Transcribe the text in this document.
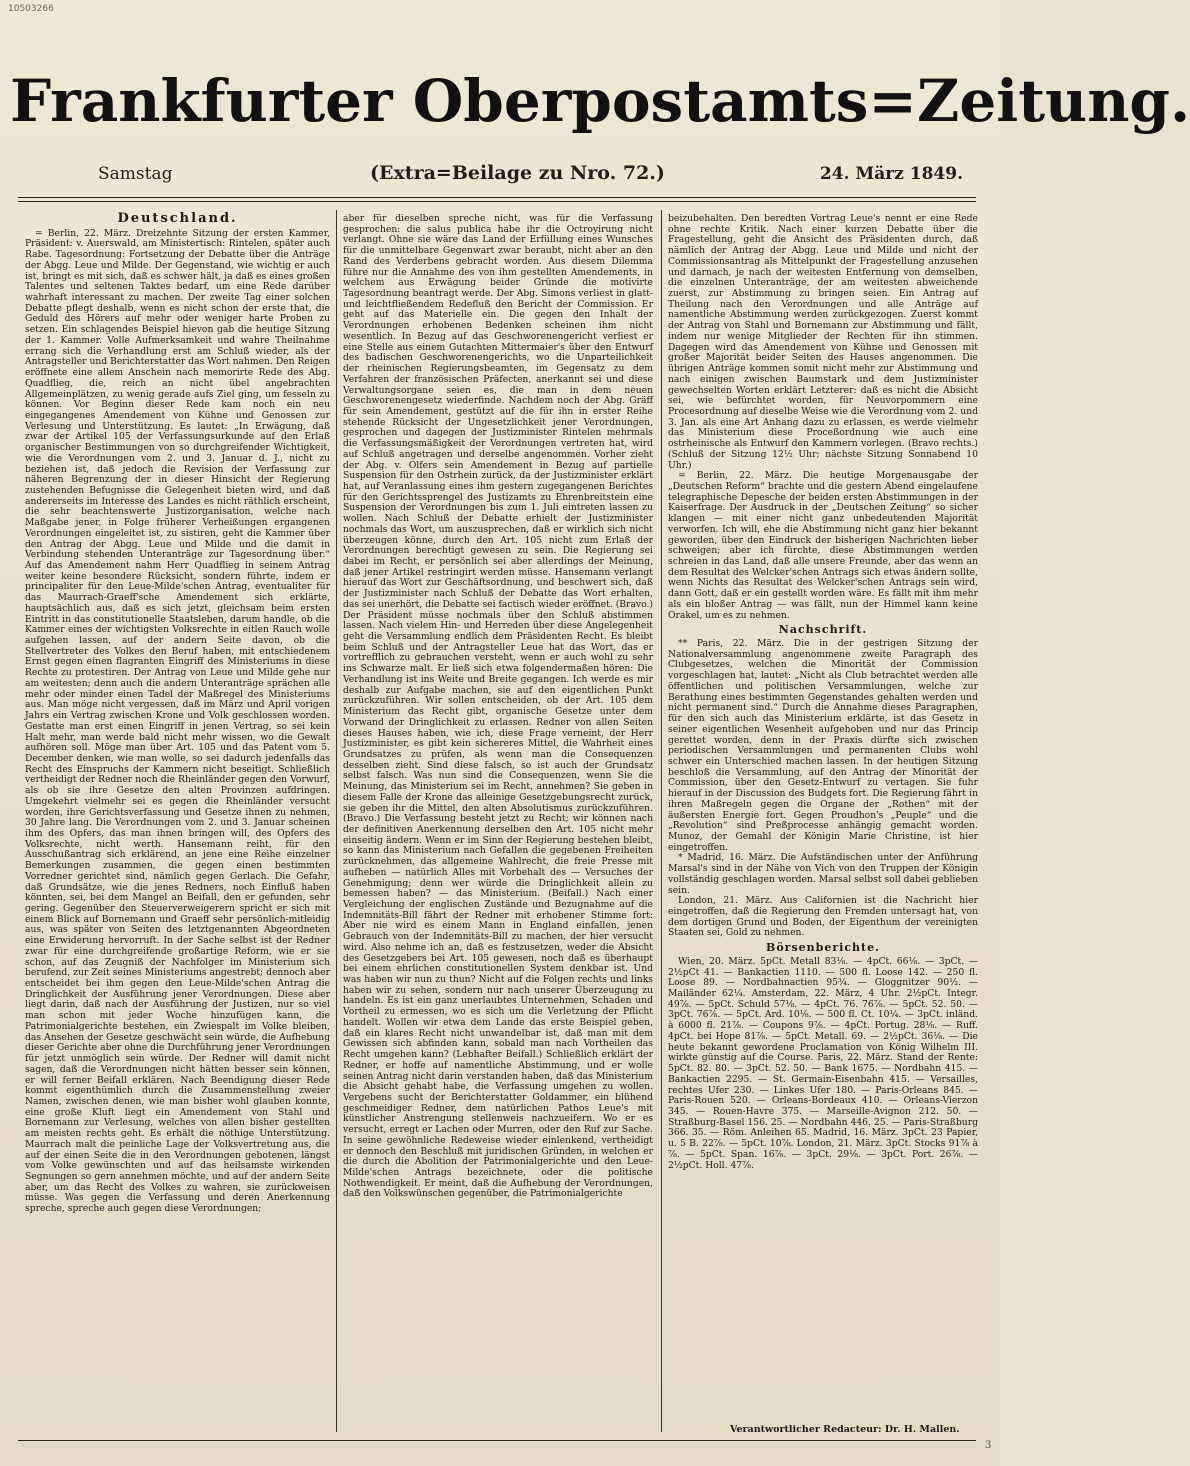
10503266
Frankfurter Oberpostamts=Zeitung.
Samstag	(Extra=Beilage zu Nro. 72.)	24. März 1849.
Deutschland.

= Berlin, 22. März. Dreizehnte Sitzung der ersten Kammer, Präsident: v. Auerswald, am Ministertisch: Rintelen, später auch Rabe. Tagesordnung: Fortsetzung der Debatte über die Anträge der Abgg. Leue und Milde. Der Gegenstand, wie wichtig er auch ist, bringt es mit sich, daß es schwer hält, ja daß es eines großen Talentes und seltenen Taktes bedarf, um eine Rede darüber wahrhaft interessant zu machen. Der zweite Tag einer solchen Debatte pflegt deshalb, wenn es nicht schon der erste that, die Geduld des Hörers auf mehr oder weniger harte Proben zu setzen. Ein schlagendes Beispiel hievon gab die heutige Sitzung der 1. Kammer. Volle Aufmerksamkeit und wahre Theilnahme errang sich die Verhandlung erst am Schluß wieder, als der Antragsteller und Berichterstatter das Wort nahmen. Den Reigen eröffnete eine allem Anschein nach memorirte Rede des Abg. Quadflieg, die, reich an nicht übel angebrachten Allgemeinplätzen, zu wenig gerade aufs Ziel ging, um fesseln zu können. Vor Beginn dieser Rede kam noch ein neu eingegangenes Amendement von Kühne und Genossen zur Verlesung und Unterstützung. Es lautet: „In Erwägung, daß zwar der Artikel 105 der Verfassungsurkunde auf den Erlaß organischer Bestimmungen von so durchgreifender Wichtigkeit, wie die Verordnungen vom 2. und 3. Januar d. J., nicht zu beziehen ist, daß jedoch die Revision der Verfassung zur näheren Begrenzung der in dieser Hinsicht der Regierung zustehenden Befugnisse die Gelegenheit bieten wird, und daß andererseits im Interesse des Landes es nicht räthlich erscheint, die sehr beachtenswerte Justizorganisation, welche nach Maßgabe jener, in Folge früherer Verheißungen ergangenen Verordnungen eingeleitet ist, zu sistiren, geht die Kammer über den Antrag der Abgg. Leue und Milde und die damit in Verbindung stehenden Unteranträge zur Tagesordnung über.“ Auf das Amendement nahm Herr Quadflieg in seinem Antrag weiter keine besondere Rücksicht, sondern führte, indem er principaliter für den Leue-Milde'schen Antrag, eventualiter für das Maurrach-Graeff'sche Amendement sich erklärte, hauptsächlich aus, daß es sich jetzt, gleichsam beim ersten Eintritt in das constitutionelle Staatsleben, darum handle, ob die Kammer eines der wichtigsten Volksrechte in eitlen Rauch wolle aufgehen lassen, auf der andern Seite davon, ob die Stellvertreter des Volkes den Beruf haben, mit entschiedenem Ernst gegen einen flagranten Eingriff des Ministeriums in diese Rechte zu protestiren. Der Antrag von Leue und Milde gehe nur am weitesten; denn auch die andern Unteranträge sprächen alle mehr oder minder einen Tadel der Maßregel des Ministeriums aus. Man möge nicht vergessen, daß im März und April vorigen Jahrs ein Vertrag zwischen Krone und Volk geschlossen worden. Gestatte man erst einen Eingriff in jenen Vertrag, so sei kein Halt mehr, man werde bald nicht mehr wissen, wo die Gewalt aufhören soll. Möge man über Art. 105 und das Patent vom 5. December denken, wie man wolle, so sei dadurch jedenfalls das Recht des Einspruchs der Kammern nicht beseitigt. Schließlich vertheidigt der Redner noch die Rheinländer gegen den Vorwurf, als ob sie ihre Gesetze den alten Provinzen aufdringen. Umgekehrt vielmehr sei es gegen die Rheinländer versucht worden, ihre Gerichtsverfassung und Gesetze ihnen zu nehmen, 30 Jahre lang. Die Verordnungen vom 2. und 3. Januar scheinen ihm des Opfers, das man ihnen bringen will, des Opfers des Volksrechte, nicht werth. Hansemann reiht, für den Ausschußantrag sich erklärend, an jene eine Reihe einzelner Bemerkungen zusammen, die gegen einen bestimmten Vorredner gerichtet sind, nämlich gegen Gerlach. Die Gefahr, daß Grundsätze, wie die jenes Redners, noch Einfluß haben könnten, sei, bei dem Mangel an Beifall, den er gefunden, sehr gering. Gegenüber den Steuerverweigerern spricht er sich mit einem Blick auf Bornemann und Graeff sehr persönlich-mitleidig aus, was später von Seiten des letztgenannten Abgeordneten eine Erwiderung hervorruft. In der Sache selbst ist der Redner zwar für eine durchgreifende großartige Reform, wie er sie schon, auf das Zeugniß der Nachfolger im Ministerium sich berufend, zur Zeit seines Ministeriums angestrebt; dennoch aber entscheidet bei ihm gegen den Leue-Milde'schen Antrag die Dringlichkeit der Ausführung jener Verordnungen. Diese aber liegt darin, daß nach der Ausführung der Justizen, nur so viel man schon mit jeder Woche hinzufügen kann, die Patrimonialgerichte bestehen, ein Zwiespalt im Volke bleiben, das Ansehen der Gesetze geschwächt sein würde, die Aufhebung dieser Gerichte aber ohne die Durchführung jener Verordnungen für jetzt unmöglich sein würde. Der Redner will damit nicht sagen, daß die Verordnungen nicht hätten besser sein können, er will ferner Beifall erklären. Nach Beendigung dieser Rede kommt eigenthümlich durch die Zusammenstellung zweier Namen, zwischen denen, wie man bisher wohl glauben konnte, eine große Kluft liegt ein Amendement von Stahl und Bornemann zur Verlesung, welches von allen bisher gestellten am meisten rechts geht. Es erhält die nöthige Unterstützung. Maurrach malt die peinliche Lage der Volksvertretung aus, die auf der einen Seite die in den Verordnungen gebotenen, längst vom Volke gewünschten und auf das heilsamste wirkenden Segnungen so gern annehmen möchte, und auf der andern Seite aber, um das Recht des Volkes zu wahren, sie zurückweisen müsse. Was gegen die Verfassung und deren Anerkennung spreche, spreche auch gegen diese Verordnungen;

aber für dieselben spreche nicht, was für die Verfassung gesprochen: die salus publica habe ihr die Octroyirung nicht verlangt. Ohne sie wäre das Land der Erfüllung eines Wunsches für die unmittelbare Gegenwart zwar beraubt, nicht aber an den Rand des Verderbens gebracht worden. Aus diesem Dilemma führe nur die Annahme des von ihm gestellten Amendements, in welchem aus Erwägung beider Gründe die motivirte Tagesordnung beantragt werde. Der Abg. Simons verliest in glatt- und leichtfließendem Redefluß den Bericht der Commission. Er geht auf das Materielle ein. Die gegen den Inhalt der Verordnungen erhobenen Bedenken scheinen ihm nicht wesentlich. In Bezug auf das Geschworenengericht verliest er eine Stelle aus einem Gutachten Mittermaier's über den Entwurf des badischen Geschworenengerichts, wo die Unparteilichkeit der rheinischen Regierungsbeamten, im Gegensatz zu dem Verfahren der französischen Präfecten, anerkannt sei und diese Verwaltungsorgane seien es, die man in dem neuen Geschworenengesetz wiederfinde. Nachdem noch der Abg. Gräff für sein Amendement, gestützt auf die für ihn in erster Reihe stehende Rücksicht der Ungesetzlichkeit jener Verordnungen, gesprochen und dagegen der Justizminister Rintelen mehrmals die Verfassungsmäßigkeit der Verordnungen vertreten hat, wird auf Schluß angetragen und derselbe angenommen. Vorher zieht der Abg. v. Olfers sein Amendement in Bezug auf partielle Suspension für den Ostrhein zurück, da der Justizminister erklärt hat, auf Veranlassung eines ihm gestern zugegangenen Berichtes für den Gerichtssprengel des Justizamts zu Ehrenbreitstein eine Suspension der Verordnungen bis zum 1. Juli eintreten lassen zu wollen. Nach Schluß der Debatte erhielt der Justizminister nochmals das Wort, um auszusprechen, daß er wirklich sich nicht überzeugen könne, durch den Art. 105 nicht zum Erlaß der Verordnungen berechtigt gewesen zu sein. Die Regierung sei dabei im Recht, er persönlich sei aber allerdings der Meinung, daß jener Artikel restringirt werden müsse. Hansemann verlangt hierauf das Wort zur Geschäftsordnung, und beschwert sich, daß der Justizminister nach Schluß der Debatte das Wort erhalten, das sei unerhört, die Debatte sei factisch wieder eröffnet. (Bravo.) Der Präsident müsse nochmals über den Schluß abstimmen lassen. Nach vielem Hin- und Herreden über diese Angelegenheit geht die Versammlung endlich dem Präsidenten Recht. Es bleibt beim Schluß und der Antragsteller Leue hat das Wort, das er vortrefflich zu gebrauchen versteht, wenn er auch wohl zu sehr ins Schwarze malt. Er ließ sich etwa folgendermaßen hören: Die Verhandlung ist ins Weite und Breite gegangen. Ich werde es mir deshalb zur Aufgabe machen, sie auf den eigentlichen Punkt zurückzuführen. Wir sollen entscheiden, ob der Art. 105 dem Ministerium das Recht gibt, organische Gesetze unter dem Vorwand der Dringlichkeit zu erlassen. Redner von allen Seiten dieses Hauses haben, wie ich, diese Frage verneint, der Herr Justizminister, es gibt kein sichereres Mittel, die Wahrheit eines Grundsatzes zu prüfen, als wenn man die Consequenzen desselben zieht. Sind diese falsch, so ist auch der Grundsatz selbst falsch. Was nun sind die Consequenzen, wenn Sie die Meinung, das Ministerium sei im Recht, annehmen? Sie geben in diesem Falle der Krone das alleinige Gesetzgebungsrecht zurück, sie geben ihr die Mittel, den alten Absolutismus zurückzuführen. (Bravo.) Die Verfassung besteht jetzt zu Recht; wir können nach der definitiven Anerkennung derselben den Art. 105 nicht mehr einseitig ändern. Wenn er im Sinn der Regierung bestehen bleibt, so kann das Ministerium nach Gefallen die gegebenen Freiheiten zurücknehmen, das allgemeine Wahlrecht, die freie Presse mit aufheben — natürlich Alles mit Vorbehalt des — Versuches der Genehmigung; denn wer würde die Dringlichkeit allein zu bemessen haben? — das Ministerium. (Beifall.) Nach einer Vergleichung der englischen Zustände und Bezugnahme auf die Indemnitäts-Bill fährt der Redner mit erhobener Stimme fort: Aber nie wird es einem Mann in England einfallen, jenen Gebrauch von der Indemnitäts-Bill zu machen, der hier versucht wird. Also nehme ich an, daß es festzusetzen, weder die Absicht des Gesetzgebers bei Art. 105 gewesen, noch daß es überhaupt bei einem ehrlichen constitutionellen System denkbar ist. Und was haben wir nun zu thun? Nicht auf die Folgen rechts und links haben wir zu sehen, sondern nur nach unserer Überzeugung zu handeln. Es ist ein ganz unerlaubtes Unternehmen, Schaden und Vortheil zu ermessen, wo es sich um die Verletzung der Pflicht handelt. Wollen wir etwa dem Lande das erste Beispiel geben, daß ein klares Recht nicht unwandelbar ist, daß man mit dem Gewissen sich abfinden kann, sobald man nach Vortheilen das Recht umgehen kann? (Lebhafter Beifall.) Schließlich erklärt der Redner, er hoffe auf namentliche Abstimmung, und er wolle seinen Antrag nicht darin verstanden haben, daß das Ministerium die Absicht gehabt habe, die Verfassung umgehen zu wollen. Vergebens sucht der Berichterstatter Goldammer, ein blühend geschmeidiger Redner, dem natürlichen Pathos Leue's mit künstlicher Anstrengung stellenweis nachzueifern. Wo er es versucht, erregt er Lachen oder Murren, oder den Ruf zur Sache. In seine gewöhnliche Redeweise wieder einlenkend, vertheidigt er dennoch den Beschluß mit juridischen Gründen, in welchen er die durch die Abolition der Patrimonialgerichte und den Leue-Milde'schen Antrags bezeichnete, oder die politische Nothwendigkeit. Er meint, daß die Aufhebung der Verordnungen, daß den Volkswünschen gegenüber, die Patrimonialgerichte

beizubehalten. Den beredten Vortrag Leue's nennt er eine Rede ohne rechte Kritik. Nach einer kurzen Debatte über die Fragestellung, geht die Ansicht des Präsidenten durch, daß nämlich der Antrag der Abgg. Leue und Milde und nicht der Commissionsantrag als Mittelpunkt der Fragestellung anzusehen und darnach, je nach der weitesten Entfernung von demselben, die einzelnen Unteranträge, der am weitesten abweichende zuerst, zur Abstimmung zu bringen seien. Ein Antrag auf Theilung nach den Verordnungen und alle Anträge auf namentliche Abstimmung werden zurückgezogen. Zuerst kommt der Antrag von Stahl und Bornemann zur Abstimmung und fällt, indem nur wenige Mitglieder der Rechten für ihn stimmen. Dagegen wird das Amendement von Kühne und Genossen mit großer Majorität beider Seiten des Hauses angenommen. Die übrigen Anträge kommen somit nicht mehr zur Abstimmung und nach einigen zwischen Baumstark und dem Justizminister gewechselten Worten erklärt Letzterer: daß es nicht die Absicht sei, wie befürchtet worden, für Neuvorpommern eine Procesordnung auf dieselbe Weise wie die Verordnung vom 2. und 3. Jan. als eine Art Anhang dazu zu erlassen, es werde vielmehr das Ministerium diese Proceßordnung wie auch eine ostrheinische als Entwurf den Kammern vorlegen. (Bravo rechts.) (Schluß der Sitzung 12½ Uhr; nächste Sitzung Sonnabend 10 Uhr.)

= Berlin, 22. März. Die heutige Morgenausgabe der „Deutschen Reform“ brachte und die gestern Abend eingelaufene telegraphische Depesche der beiden ersten Abstimmungen in der Kaiserfrage. Der Ausdruck in der „Deutschen Zeitung“ so sicher klangen — mit einer nicht ganz unbedeutenden Majorität verworfen. Ich will, ehe die Abstimmung nicht ganz hier bekannt geworden, über den Eindruck der bisherigen Nachrichten lieber schweigen; aber ich fürchte, diese Abstimmungen werden schreien in das Land, daß alle unsere Freunde, aber das wenn an dem Resultat des Welcker'schen Antrags sich etwas ändern sollte, wenn Nichts das Resultat des Welcker'schen Antrags sein wird, dann Gott, daß er ein gestellt worden wäre. Es fällt mit ihm mehr als ein bloßer Antrag — was fällt, nun der Himmel kann keine Orakel, um es zu nehmen.

Nachschrift.

** Paris, 22. März. Die in der gestrigen Sitzung der Nationalversammlung angenommene zweite Paragraph des Clubgesetzes, welchen die Minorität der Commission vorgeschlagen hat, lautet: „Nicht als Club betrachtet werden alle öffentlichen und politischen Versammlungen, welche zur Berathung eines bestimmten Gegenstandes gehalten werden und nicht permanent sind.“ Durch die Annahme dieses Paragraphen, für den sich auch das Ministerium erklärte, ist das Gesetz in seiner eigentlichen Wesenheit aufgehoben und nur das Princip gerettet worden, denn in der Praxis dürfte sich zwischen periodischen Versammlungen und permanenten Clubs wohl schwer ein Unterschied machen lassen. In der heutigen Sitzung beschloß die Versammlung, auf den Antrag der Minorität der Commission, über den Gesetz-Entwurf zu vertagen. Sie fuhr hierauf in der Discussion des Budgets fort. Die Regierung fährt in ihren Maßregeln gegen die Organe der „Rothen“ mit der äußersten Energie fort. Gegen Proudhon's „Peuple“ und die „Revolution“ sind Preßprocesse anhängig gemacht worden. Munoz, der Gemahl der Königin Marie Christine, ist hier eingetroffen.

* Madrid, 16. März. Die Aufständischen unter der Anführung Marsal's sind in der Nähe von Vich von den Truppen der Königin vollständig geschlagen worden. Marsal selbst soll dabei geblieben sein.

London, 21. März. Aus Californien ist die Nachricht hier eingetroffen, daß die Regierung den Fremden untersagt hat, von dem dortigen Grund und Boden, der Eigenthum der vereinigten Staaten sei, Gold zu nehmen.

Börsenberichte.

Wien, 20. März. 5pCt. Metall 83⅛. — 4pCt. 66⅛. — 3pCt. — 2½pCt 41. — Bankactien 1110. — 500 fl. Loose 142. — 250 fl. Loose 89. — Nordbahnactien 95¾. — Gloggnitzer 90½. — Mailänder 62¼. Amsterdam, 22. März, 4 Uhr. 2½pCt. Integr. 49⅞. — 5pCt. Schuld 57⅛. — 4pCt. 76. 76⅞. — 5pCt. 52. 50. — 3pCt. 76⅞. — 5pCt. Ard. 10⅛. — 500 fl. Ct. 10¼. — 3pCt. inländ. à 6000 fl. 21⅞. — Coupons 9⅞. — 4pCt. Portug. 28⅛. — Ruff. 4pCt. bei Hope 81⅞. — 5pCt. Metall. 69. — 2½pCt. 36⅛. — Die heute bekannt gewordene Proclamation von König Wilhelm III. wirkte günstig auf die Course. Paris, 22. März. Stand der Rente: 5pCt. 82. 80. — 3pCt. 52. 50. — Bank 1675. — Nordbahn 415. — Bankactien 2295. — St. Germain-Eisenbahn 415. — Versailles, rechtes Ufer 230. — Linkes Ufer 180. — Paris-Orleans 845. — Paris-Rouen 520. — Orleans-Bordeaux 410. — Orleans-Vierzon 345. — Rouen-Havre 375. — Marseille-Avignon 212. 50. — Straßburg-Basel 156. 25. — Nordbahn 446. 25. — Paris-Straßburg 366. 35. — Röm. Anleihen 65. Madrid, 16. März. 3pCt. 23 Papier, u. 5 B. 22⅞. — 5pCt. 10⅞. London, 21. März. 3pCt. Stocks 91⅞ à ⅞. — 5pCt. Span. 16⅞. — 3pCt. 29⅛. — 3pCt. Port. 26⅞. — 2½pCt. Holl. 47⅞.

Verantwortlicher Redacteur: Dr. H. Mallen.
3
